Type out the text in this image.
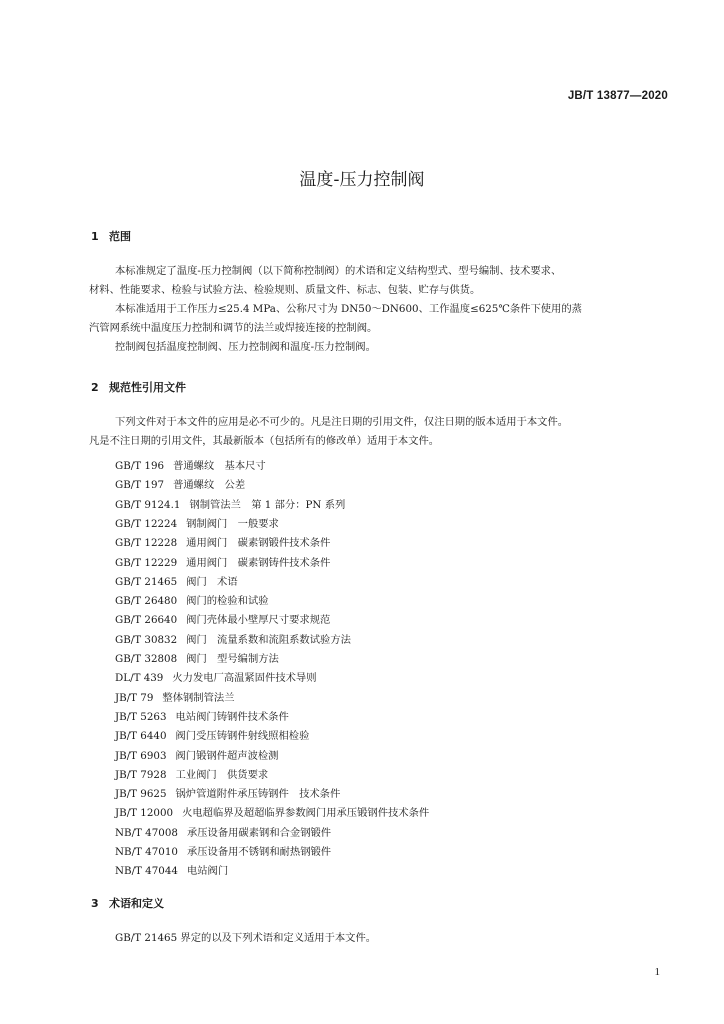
JB/T 13877—2020
温度-压力控制阀
1 范围
本标准规定了温度-压力控制阀（以下简称控制阀）的术语和定义结构型式、型号编制、技术要求、
材料、性能要求、检验与试验方法、检验规则、质量文件、标志、包装、贮存与供货。
本标准适用于工作压力≤25.4 MPa、公称尺寸为 DN50～DN600、工作温度≤625℃条件下使用的蒸
汽管网系统中温度压力控制和调节的法兰或焊接连接的控制阀。
控制阀包括温度控制阀、压力控制阀和温度-压力控制阀。
2 规范性引用文件
下列文件对于本文件的应用是必不可少的。凡是注日期的引用文件，仅注日期的版本适用于本文件。
凡是不注日期的引用文件，其最新版本（包括所有的修改单）适用于本文件。
GB/T 196 普通螺纹　基本尺寸
GB/T 197 普通螺纹　公差
GB/T 9124.1 钢制管法兰　第 1 部分：PN 系列
GB/T 12224 钢制阀门　一般要求
GB/T 12228 通用阀门　碳素钢锻件技术条件
GB/T 12229 通用阀门　碳素钢铸件技术条件
GB/T 21465 阀门　术语
GB/T 26480 阀门的检验和试验
GB/T 26640 阀门壳体最小壁厚尺寸要求规范
GB/T 30832 阀门　流量系数和流阻系数试验方法
GB/T 32808 阀门　型号编制方法
DL/T 439 火力发电厂高温紧固件技术导则
JB/T 79 整体钢制管法兰
JB/T 5263 电站阀门铸钢件技术条件
JB/T 6440 阀门受压铸钢件射线照相检验
JB/T 6903 阀门锻钢件超声波检测
JB/T 7928 工业阀门　供货要求
JB/T 9625 锅炉管道附件承压铸钢件　技术条件
JB/T 12000 火电超临界及超超临界参数阀门用承压锻钢件技术条件
NB/T 47008 承压设备用碳素钢和合金钢锻件
NB/T 47010 承压设备用不锈钢和耐热钢锻件
NB/T 47044 电站阀门
3 术语和定义
GB/T 21465 界定的以及下列术语和定义适用于本文件。
1
